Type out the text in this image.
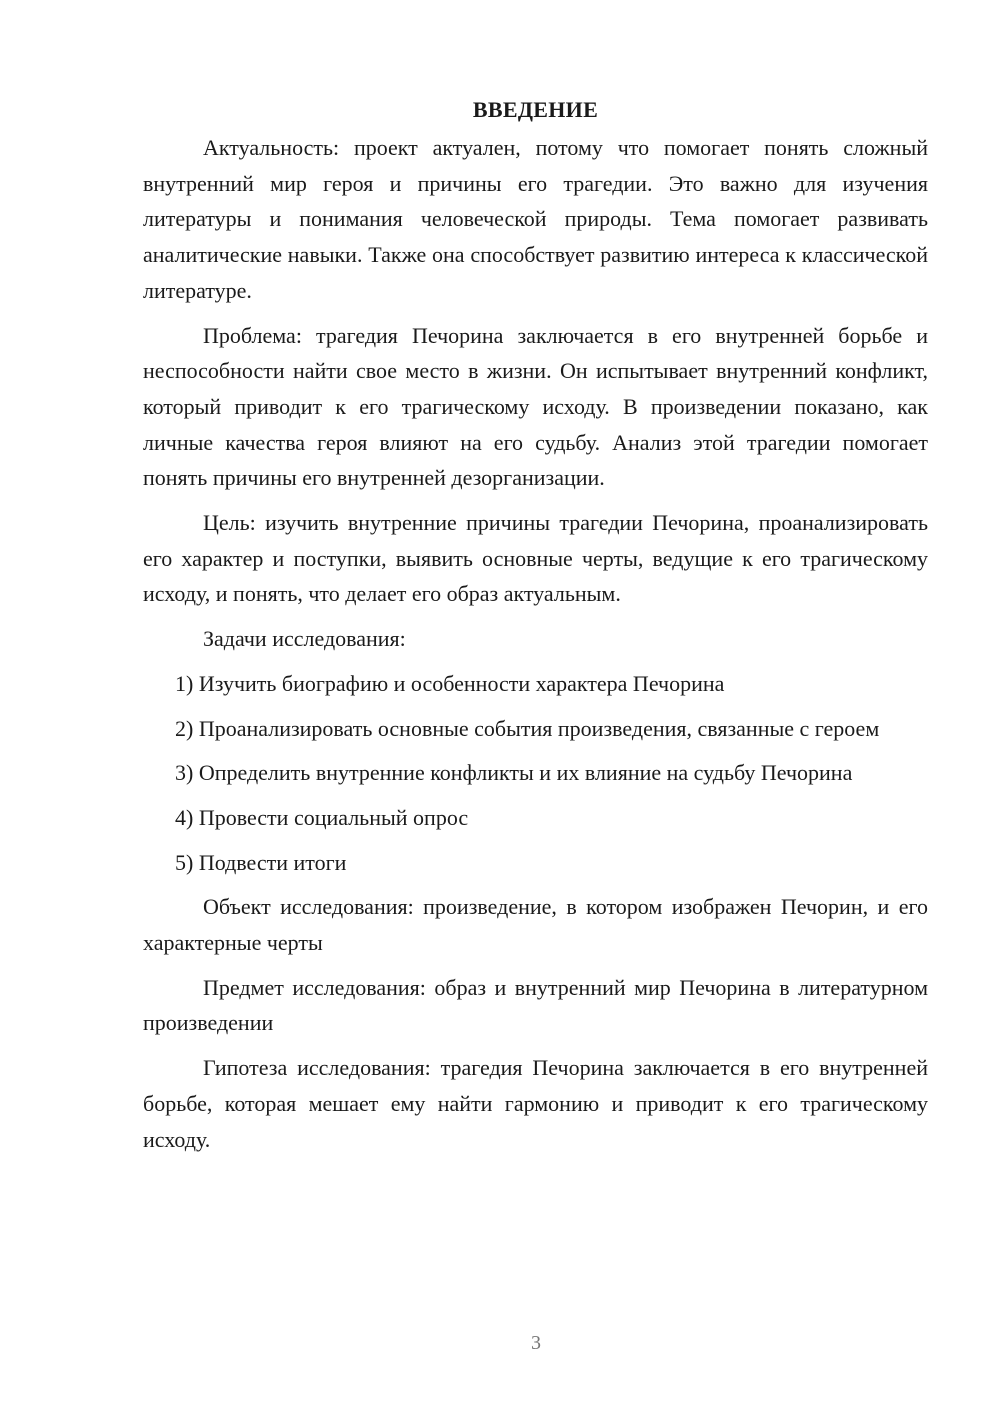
ВВЕДЕНИЕ

Актуальность: проект актуален, потому что помогает понять сложный внутренний мир героя и причины его трагедии. Это важно для изучения литературы и понимания человеческой природы. Тема помогает развивать аналитические навыки. Также она способствует развитию интереса к классической литературе.

Проблема: трагедия Печорина заключается в его внутренней борьбе и неспособности найти свое место в жизни. Он испытывает внутренний конфликт, который приводит к его трагическому исходу. В произведении показано, как личные качества героя влияют на его судьбу. Анализ этой трагедии помогает понять причины его внутренней дезорганизации.

Цель: изучить внутренние причины трагедии Печорина, проанализировать его характер и поступки, выявить основные черты, ведущие к его трагическому исходу, и понять, что делает его образ актуальным.

Задачи исследования:

1) Изучить биографию и особенности характера Печорина

2) Проанализировать основные события произведения, связанные с героем

3) Определить внутренние конфликты и их влияние на судьбу Печорина

4) Провести социальный опрос

5) Подвести итоги

Объект исследования: произведение, в котором изображен Печорин, и его характерные черты

Предмет исследования: образ и внутренний мир Печорина в литературном произведении

Гипотеза исследования: трагедия Печорина заключается в его внутренней борьбе, которая мешает ему найти гармонию и приводит к его трагическому исходу.

3
